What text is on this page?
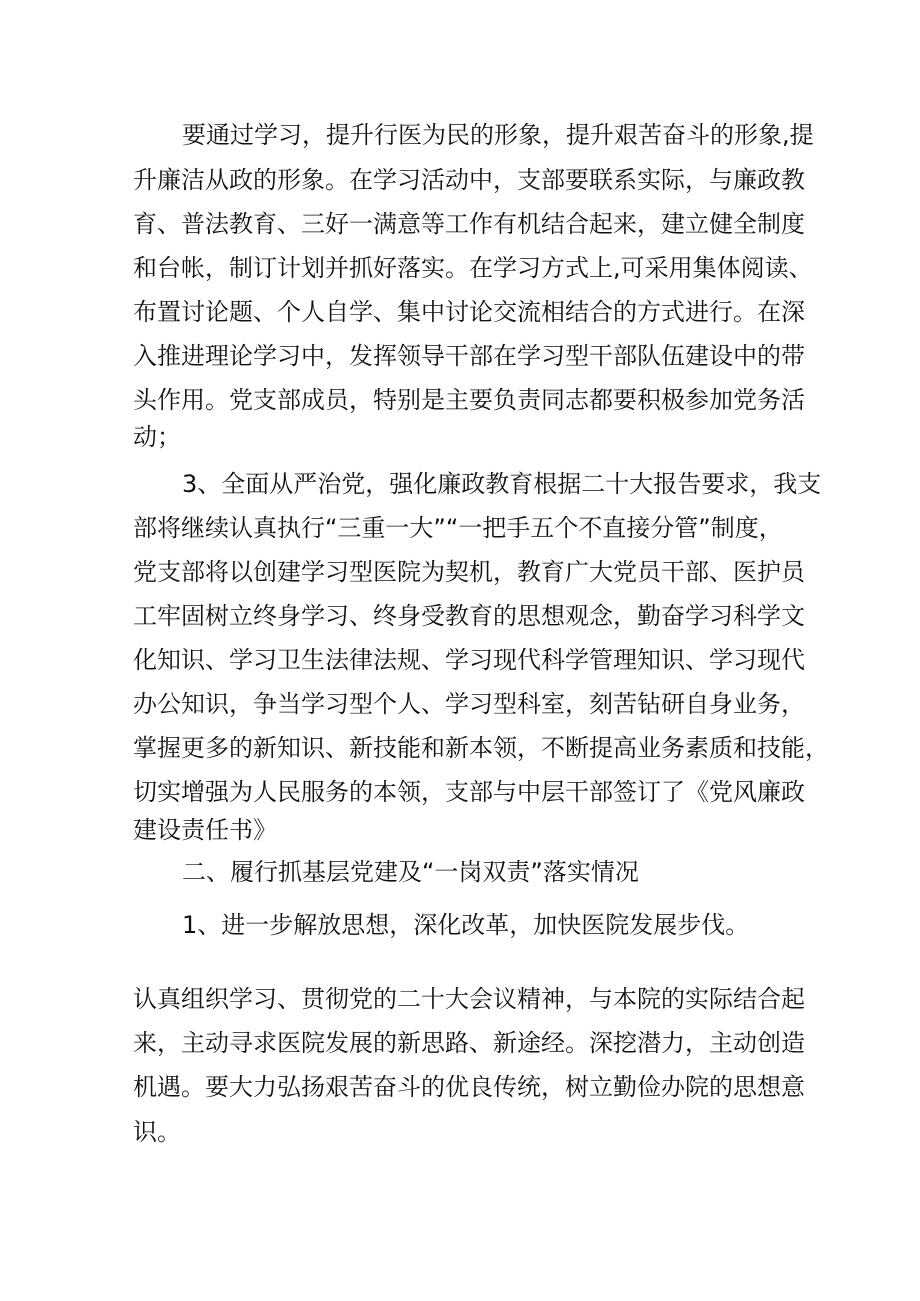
要通过学习，提升行医为民的形象，提升艰苦奋斗的形象,提
升廉洁从政的形象。在学习活动中，支部要联系实际，与廉政教
育、普法教育、三好一满意等工作有机结合起来，建立健全制度
和台帐，制订计划并抓好落实。在学习方式上,可采用集体阅读、
布置讨论题、个人自学、集中讨论交流相结合的方式进行。在深
入推进理论学习中，发挥领导干部在学习型干部队伍建设中的带
头作用。党支部成员，特别是主要负责同志都要积极参加党务活
动；
3、全面从严治党，强化廉政教育根据二十大报告要求，我支
部将继续认真执行“三重一大”“一把手五个不直接分管”制度，
党支部将以创建学习型医院为契机，教育广大党员干部、医护员
工牢固树立终身学习、终身受教育的思想观念，勤奋学习科学文
化知识、学习卫生法律法规、学习现代科学管理知识、学习现代
办公知识，争当学习型个人、学习型科室，刻苦钻研自身业务，
掌握更多的新知识、新技能和新本领，不断提高业务素质和技能，
切实增强为人民服务的本领，支部与中层干部签订了《党风廉政
建设责任书》
二、履行抓基层党建及“一岗双责”落实情况
1、进一步解放思想，深化改革，加快医院发展步伐。
认真组织学习、贯彻党的二十大会议精神，与本院的实际结合起
来，主动寻求医院发展的新思路、新途经。深挖潜力，主动创造
机遇。要大力弘扬艰苦奋斗的优良传统，树立勤俭办院的思想意
识。
